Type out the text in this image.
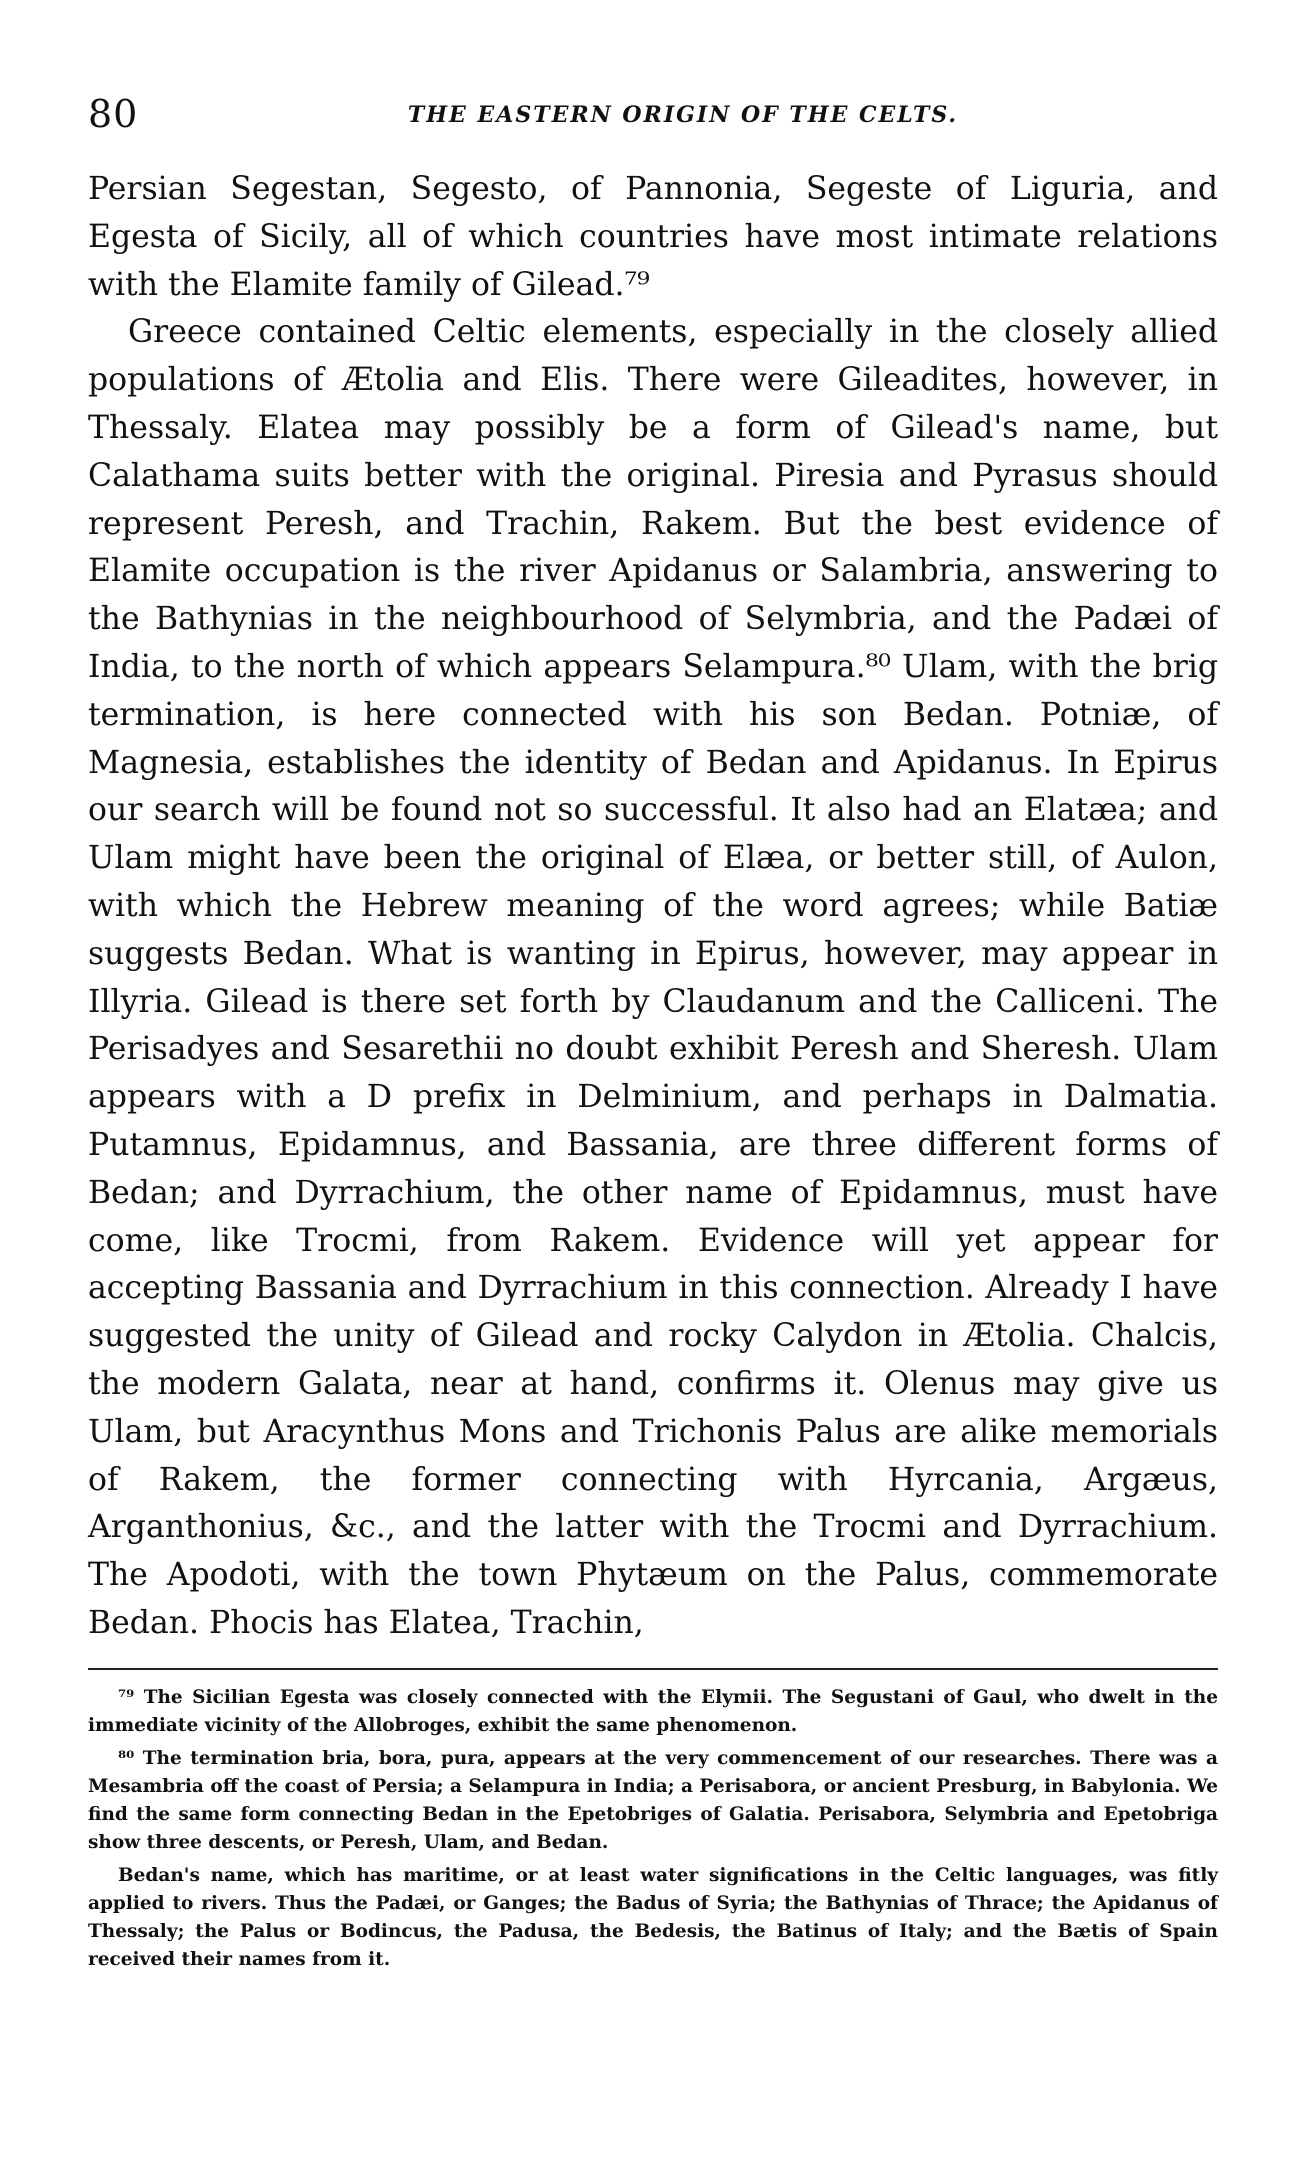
80	THE EASTERN ORIGIN OF THE CELTS.

Persian Segestan, Segesto, of Pannonia, Segeste of Liguria, and Egesta of Sicily, all of which countries have most intimate relations with the Elamite family of Gilead.⁷⁹

Greece contained Celtic elements, especially in the closely allied populations of Ætolia and Elis. There were Gileadites, however, in Thessaly. Elatea may possibly be a form of Gilead's name, but Calathama suits better with the original. Piresia and Pyrasus should represent Peresh, and Trachin, Rakem. But the best evidence of Elamite occupation is the river Apidanus or Salambria, answering to the Bathynias in the neighbourhood of Selymbria, and the Padæi of India, to the north of which appears Selampura.⁸⁰ Ulam, with the brig termination, is here connected with his son Bedan. Potniæ, of Magnesia, establishes the identity of Bedan and Apidanus. In Epirus our search will be found not so successful. It also had an Elatæa; and Ulam might have been the original of Elæa, or better still, of Aulon, with which the Hebrew meaning of the word agrees; while Batiæ suggests Bedan. What is wanting in Epirus, however, may appear in Illyria. Gilead is there set forth by Claudanum and the Calliceni. The Perisadyes and Sesarethii no doubt exhibit Peresh and Sheresh. Ulam appears with a D prefix in Delminium, and perhaps in Dalmatia. Putamnus, Epidamnus, and Bassania, are three different forms of Bedan; and Dyrrachium, the other name of Epidamnus, must have come, like Trocmi, from Rakem. Evidence will yet appear for accepting Bassania and Dyrrachium in this connection. Already I have suggested the unity of Gilead and rocky Calydon in Ætolia. Chalcis, the modern Galata, near at hand, confirms it. Olenus may give us Ulam, but Aracynthus Mons and Trichonis Palus are alike memorials of Rakem, the former connecting with Hyrcania, Argæus, Arganthonius, &c., and the latter with the Trocmi and Dyrrachium. The Apodoti, with the town Phytæum on the Palus, commemorate Bedan. Phocis has Elatea, Trachin,

⁷⁹ The Sicilian Egesta was closely connected with the Elymii. The Segustani of Gaul, who dwelt in the immediate vicinity of the Allobroges, exhibit the same phenomenon.

⁸⁰ The termination bria, bora, pura, appears at the very commencement of our researches. There was a Mesambria off the coast of Persia; a Selampura in India; a Perisabora, or ancient Presburg, in Babylonia. We find the same form connecting Bedan in the Epetobriges of Galatia. Perisabora, Selymbria and Epetobriga show three descents, or Peresh, Ulam, and Bedan.

Bedan's name, which has maritime, or at least water significations in the Celtic languages, was fitly applied to rivers. Thus the Padæi, or Ganges; the Badus of Syria; the Bathynias of Thrace; the Apidanus of Thessaly; the Palus or Bodincus, the Padusa, the Bedesis, the Batinus of Italy; and the Bætis of Spain received their names from it.
